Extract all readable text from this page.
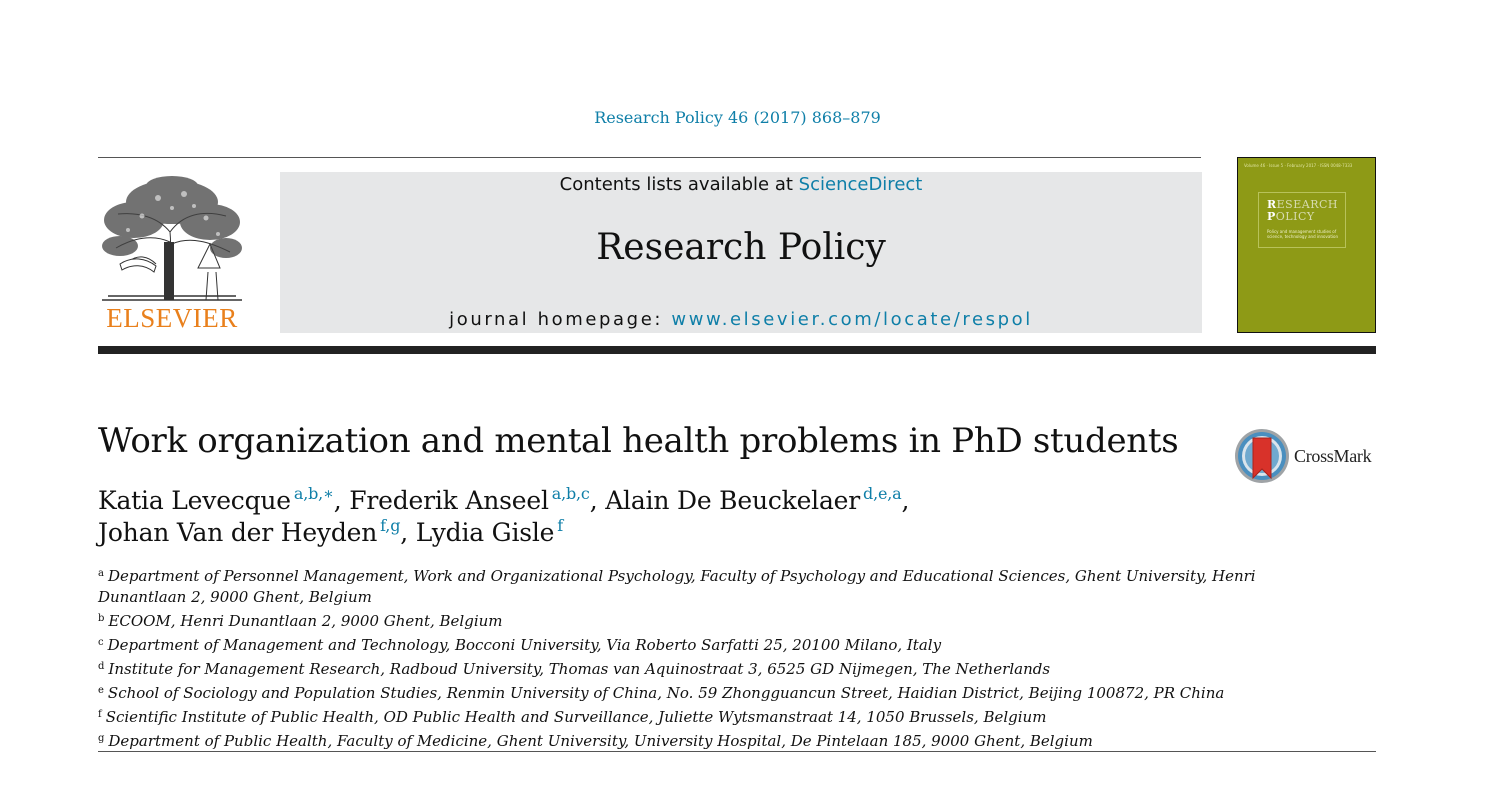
Research Policy 46 (2017) 868–879
ELSEVIER
Contents lists available at ScienceDirect
Research Policy
journal homepage: www.elsevier.com/locate/respol
Volume 46 · Issue 5 · February 2017 · ISSN 0048-7333
RESEARCH
POLICY
Policy and management studies of science, technology and innovation
Work organization and mental health problems in PhD students	CrossMark
Katia Levecque $^{a,b,∗}$, Frederik Anseel $^{a,b,c}$, Alain De Beuckelaer $^{d,e,a}$,
Johan Van der Heyden $^{f,g}$, Lydia Gisle $^f$
$^a$ Department of Personnel Management, Work and Organizational Psychology, Faculty of Psychology and Educational Sciences, Ghent University, Henri
Dunantlaan 2, 9000 Ghent, Belgium
$^b$ ECOOM, Henri Dunantlaan 2, 9000 Ghent, Belgium
$^c$ Department of Management and Technology, Bocconi University, Via Roberto Sarfatti 25, 20100 Milano, Italy
$^d$ Institute for Management Research, Radboud University, Thomas van Aquinostraat 3, 6525 GD Nijmegen, The Netherlands
$^e$ School of Sociology and Population Studies, Renmin University of China, No. 59 Zhongguancun Street, Haidian District, Beijing 100872, PR China
$^f$ Scientific Institute of Public Health, OD Public Health and Surveillance, Juliette Wytsmanstraat 14, 1050 Brussels, Belgium
$^g$ Department of Public Health, Faculty of Medicine, Ghent University, University Hospital, De Pintelaan 185, 9000 Ghent, Belgium
